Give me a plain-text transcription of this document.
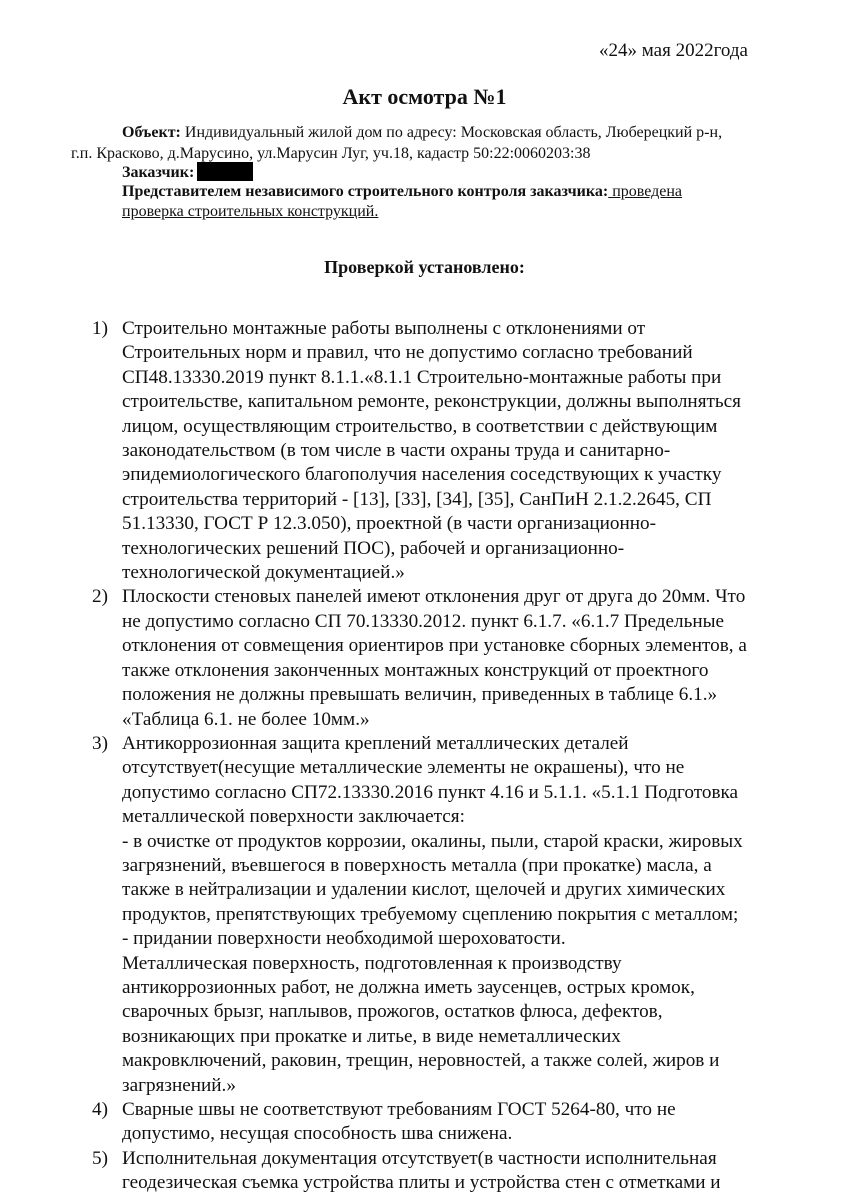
«24» мая 2022года
Акт осмотра №1
Объект: Индивидуальный жилой дом по адресу: Московская область, Люберецкий р-н,
г.п. Красково, д.Марусино, ул.Марусин Луг, уч.18, кадастр 50:22:0060203:38
Заказчик:
Представителем независимого строительного контроля заказчика: проведена
проверка строительных конструкций.
Проверкой установлено:
1) Строительно монтажные работы выполнены с отклонениями от
Строительных норм и правил, что не допустимо согласно требований
СП48.13330.2019 пункт 8.1.1.«8.1.1 Строительно-монтажные работы при
строительстве, капитальном ремонте, реконструкции, должны выполняться
лицом, осуществляющим строительство, в соответствии с действующим
законодательством (в том числе в части охраны труда и санитарно-
эпидемиологического благополучия населения соседствующих к участку
строительства территорий - [13], [33], [34], [35], СанПиН 2.1.2.2645, СП
51.13330, ГОСТ Р 12.3.050), проектной (в части организационно-
технологических решений ПОС), рабочей и организационно-
технологической документацией.»
2) Плоскости стеновых панелей имеют отклонения друг от друга до 20мм. Что
не допустимо согласно СП 70.13330.2012. пункт 6.1.7. «6.1.7 Предельные
отклонения от совмещения ориентиров при установке сборных элементов, а
также отклонения законченных монтажных конструкций от проектного
положения не должны превышать величин, приведенных в таблице 6.1.»
«Таблица 6.1. не более 10мм.»
3) Антикоррозионная защита креплений металлических деталей
отсутствует(несущие металлические элементы не окрашены), что не
допустимо согласно СП72.13330.2016 пункт 4.16 и 5.1.1. «5.1.1 Подготовка
металлической поверхности заключается:
- в очистке от продуктов коррозии, окалины, пыли, старой краски, жировых
загрязнений, въевшегося в поверхность металла (при прокатке) масла, а
также в нейтрализации и удалении кислот, щелочей и других химических
продуктов, препятствующих требуемому сцеплению покрытия с металлом;
- придании поверхности необходимой шероховатости.
Металлическая поверхность, подготовленная к производству
антикоррозионных работ, не должна иметь заусенцев, острых кромок,
сварочных брызг, наплывов, прожогов, остатков флюса, дефектов,
возникающих при прокатке и литье, в виде неметаллических
макровключений, раковин, трещин, неровностей, а также солей, жиров и
загрязнений.»
4) Сварные швы не соответствуют требованиям ГОСТ 5264-80, что не
допустимо, несущая способность шва снижена.
5) Исполнительная документация отсутствует(в частности исполнительная
геодезическая съемка устройства плиты и устройства стен с отметками и
